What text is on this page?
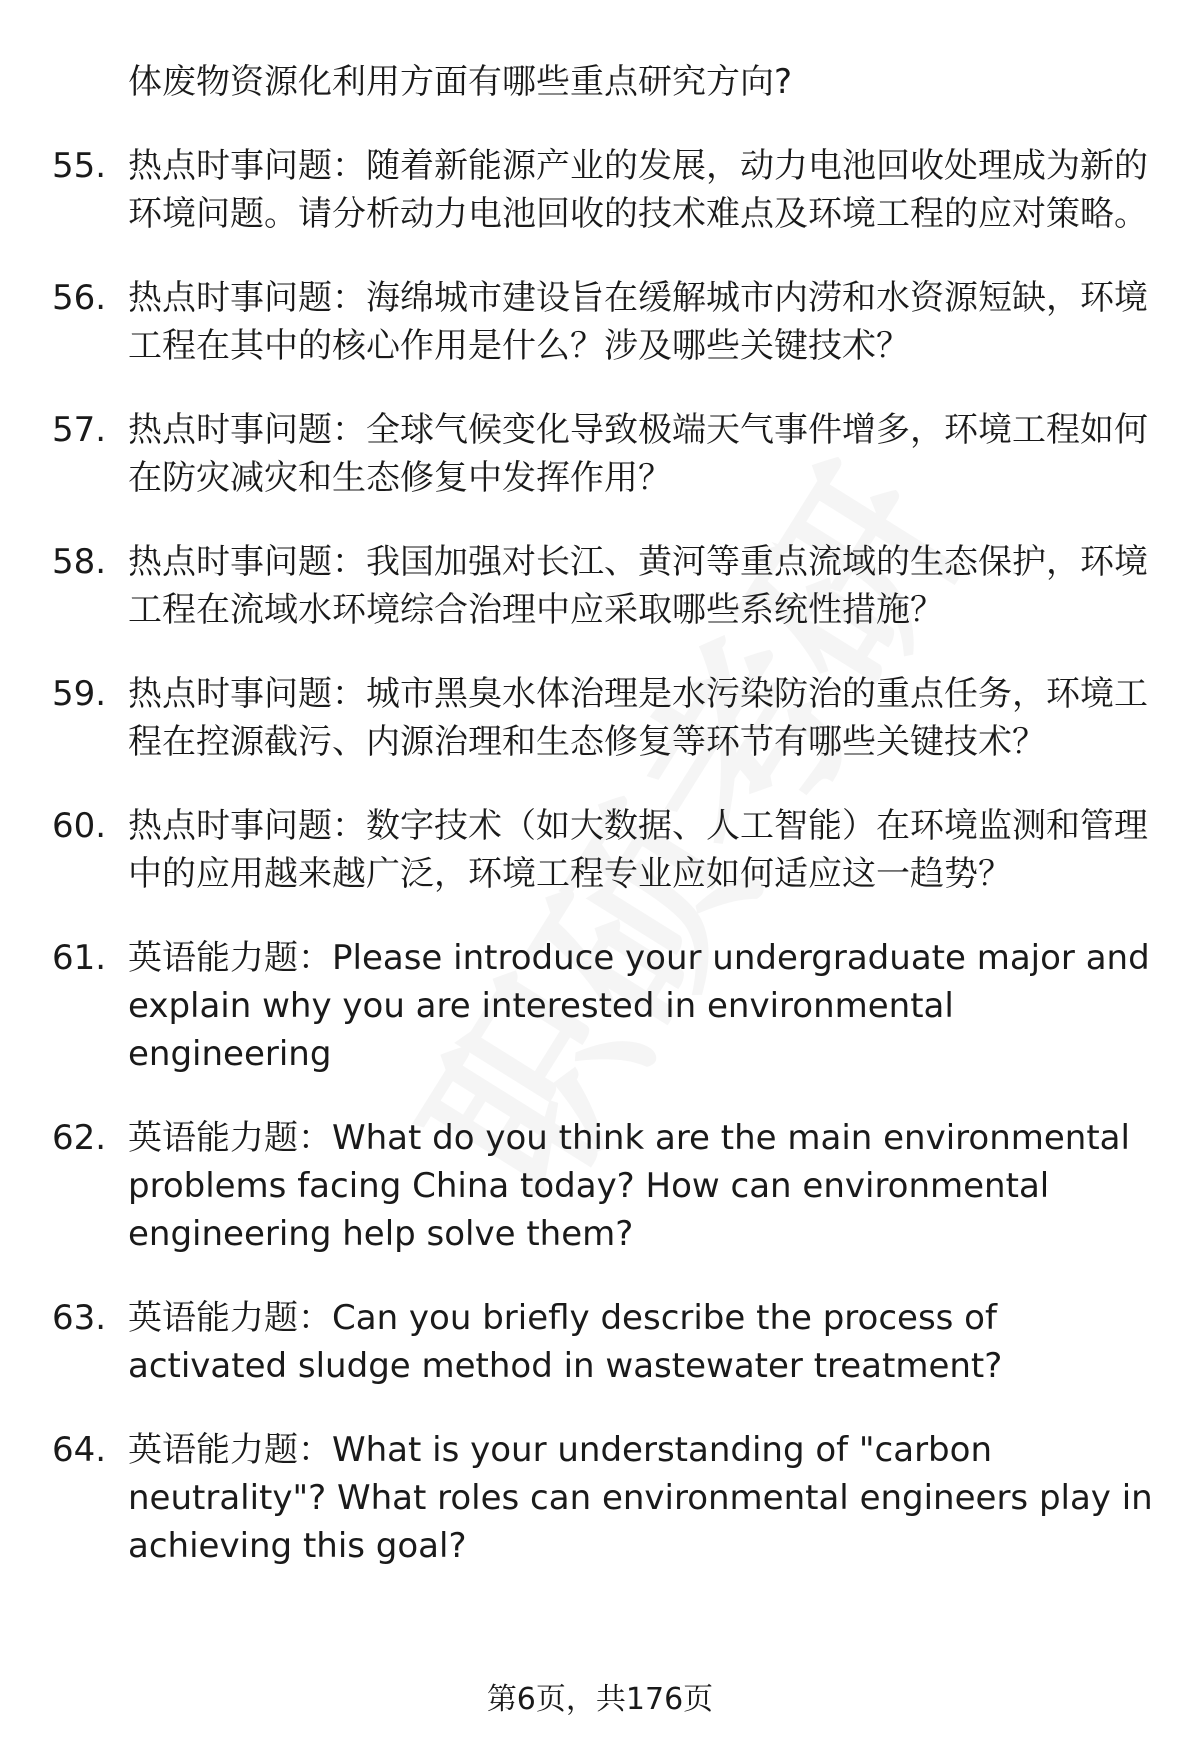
体废物资源化利用方面有哪些重点研究方向?
55. 热点时事问题：随着新能源产业的发展，动力电池回收处理成为新的环境问题。请分析动力电池回收的技术难点及环境工程的应对策略。
56. 热点时事问题：海绵城市建设旨在缓解城市内涝和水资源短缺，环境工程在其中的核心作用是什么？涉及哪些关键技术？
57. 热点时事问题：全球气候变化导致极端天气事件增多，环境工程如何在防灾减灾和生态修复中发挥作用？
58. 热点时事问题：我国加强对长江、黄河等重点流域的生态保护，环境工程在流域水环境综合治理中应采取哪些系统性措施？
59. 热点时事问题：城市黑臭水体治理是水污染防治的重点任务，环境工程在控源截污、内源治理和生态修复等环节有哪些关键技术？
60. 热点时事问题：数字技术（如大数据、人工智能）在环境监测和管理中的应用越来越广泛，环境工程专业应如何适应这一趋势？
61. 英语能力题：Please introduce your undergraduate major and explain why you are interested in environmental engineering
62. 英语能力题：What do you think are the main environmental problems facing China today? How can environmental engineering help solve them?
63. 英语能力题：Can you briefly describe the process of activated sludge method in wastewater treatment?
64. 英语能力题：What is your understanding of "carbon neutrality"? What roles can environmental engineers play in achieving this goal?
第6页，共176页
